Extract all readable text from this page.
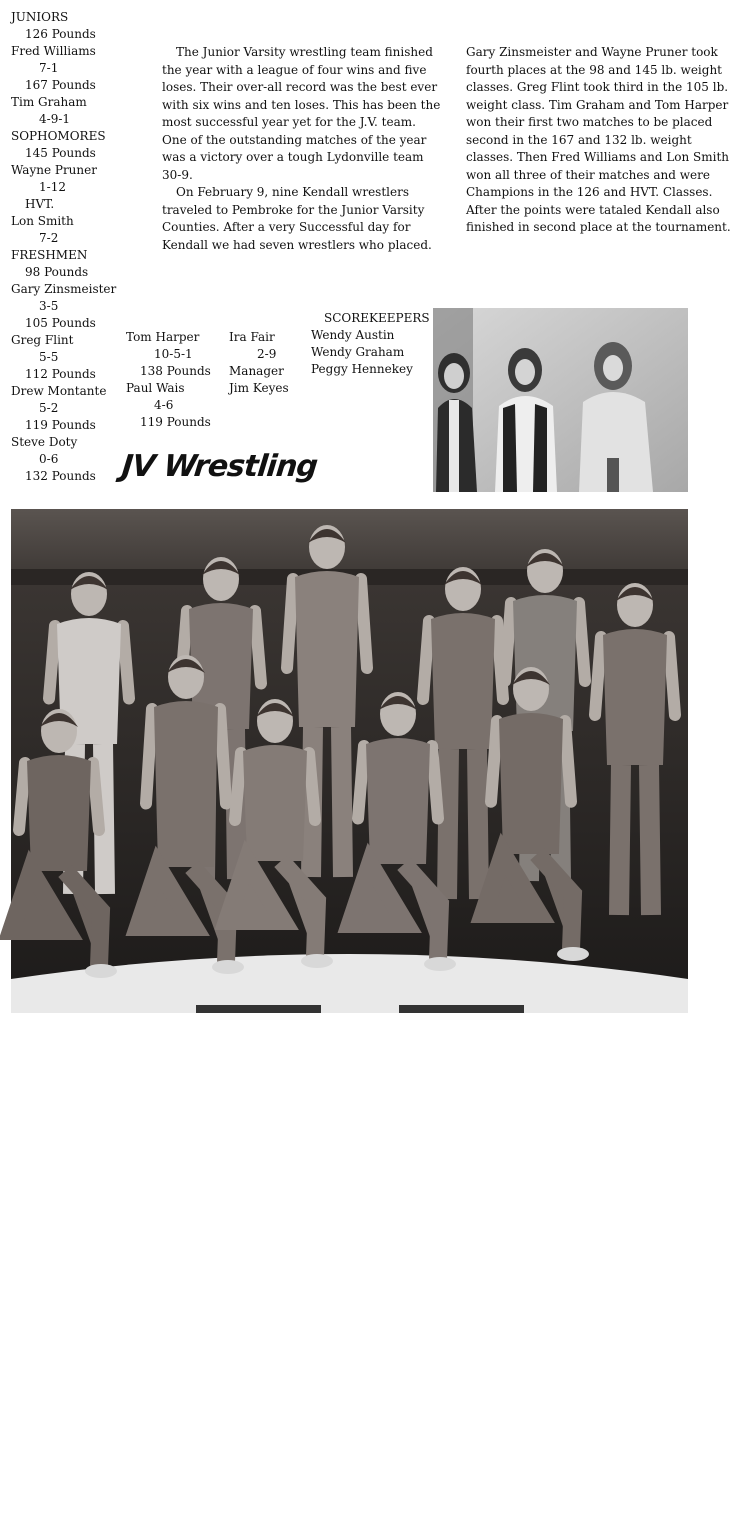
JUNIORS
126 Pounds
Fred Williams
7-1
167 Pounds
Tim Graham
4-9-1
SOPHOMORES
145 Pounds
Wayne Pruner
1-12
HVT.
Lon Smith
7-2
FRESHMEN
98 Pounds
Gary Zinsmeister
3-5
105 Pounds
Greg Flint
5-5
112 Pounds
Drew Montante
5-2
119 Pounds
Steve Doty
0-6
132 Pounds
Tom Harper
10-5-1
138 Pounds
Paul Wais
4-6
119 Pounds
Ira Fair
2-9
Manager
Jim Keyes
SCOREKEEPERS
Wendy Austin
Wendy Graham
Peggy Hennekey

The Junior Varsity wrestling team finished the year with a league of four wins and five loses. Their over-all record was the best ever with six wins and ten loses. This has been the most successful year yet for the J.V. team. One of the outstanding matches of the year was a victory over a tough Lydonville team 30-9.

On February 9, nine Kendall wrestlers traveled to Pembroke for the Junior Varsity Counties. After a very Successful day for Kendall we had seven wrestlers who placed.

Gary Zinsmeister and Wayne Pruner took fourth places at the 98 and 145 lb. weight classes. Greg Flint took third in the 105 lb. weight class. Tim Graham and Tom Harper won their first two matches to be placed second in the 167 and 132 lb. weight classes. Then Fred Williams and Lon Smith won all three of their matches and were Champions in the 126 and HVT. Classes. After the points were tataled Kendall also finished in second place at the tournament.

JV Wrestling
64
